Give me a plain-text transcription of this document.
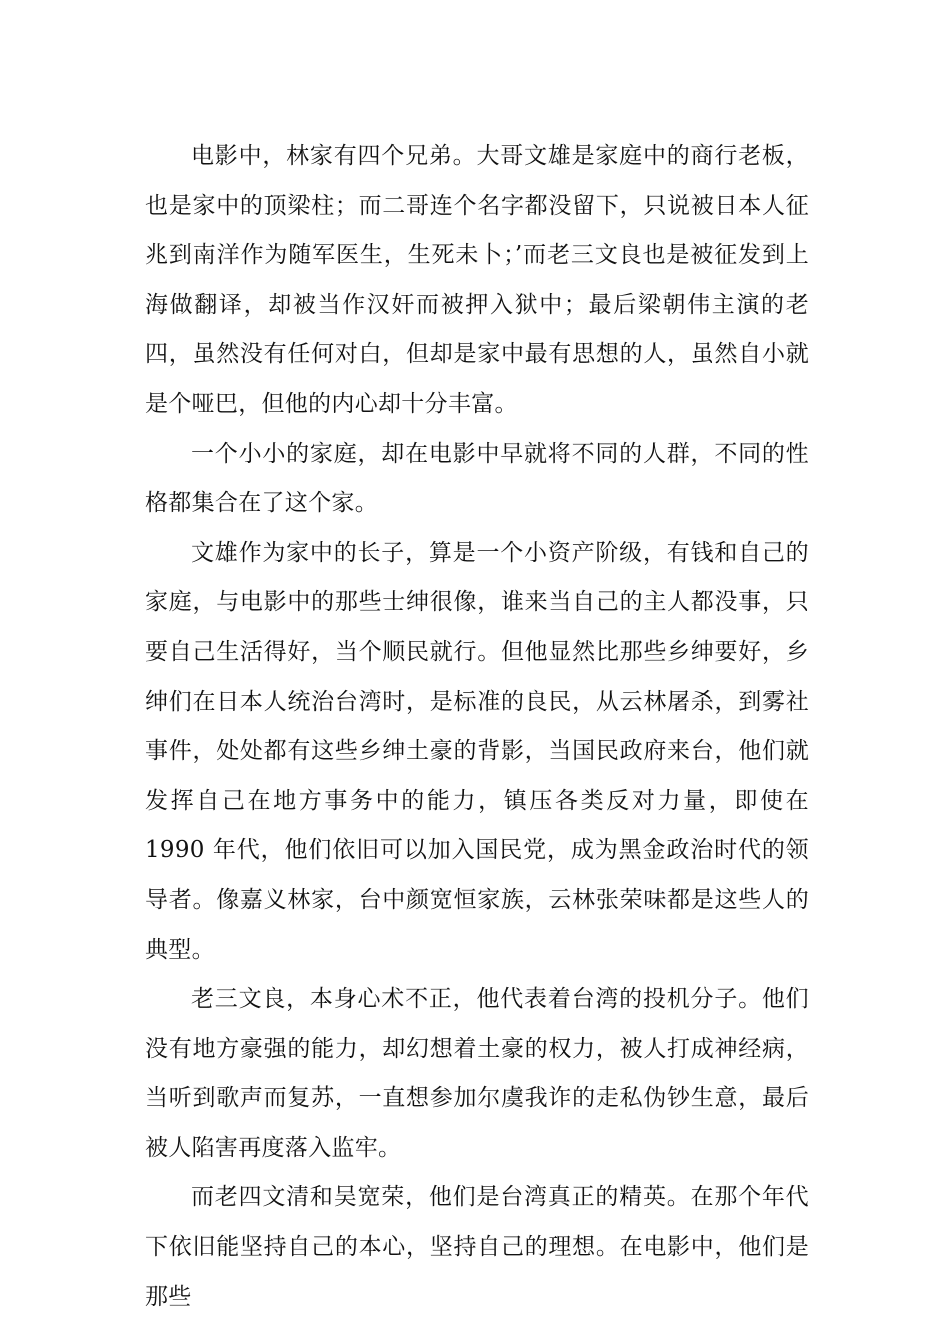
电影中，林家有四个兄弟。大哥文雄是家庭中的商行老板，也是家中的顶梁柱；而二哥连个名字都没留下，只说被日本人征兆到南洋作为随军医生，生死未卜；’而老三文良也是被征发到上海做翻译，却被当作汉奸而被押入狱中；最后梁朝伟主演的老四，虽然没有任何对白，但却是家中最有思想的人，虽然自小就是个哑巴，但他的内心却十分丰富。

一个小小的家庭，却在电影中早就将不同的人群，不同的性格都集合在了这个家。

文雄作为家中的长子，算是一个小资产阶级，有钱和自己的家庭，与电影中的那些士绅很像，谁来当自己的主人都没事，只要自己生活得好，当个顺民就行。但他显然比那些乡绅要好，乡绅们在日本人统治台湾时，是标准的良民，从云林屠杀，到雾社事件，处处都有这些乡绅土豪的背影，当国民政府来台，他们就发挥自己在地方事务中的能力，镇压各类反对力量，即使在 1990 年代，他们依旧可以加入国民党，成为黑金政治时代的领导者。像嘉义林家，台中颜宽恒家族，云林张荣味都是这些人的典型。

老三文良，本身心术不正，他代表着台湾的投机分子。他们没有地方豪强的能力，却幻想着土豪的权力，被人打成神经病，当听到歌声而复苏，一直想参加尔虞我诈的走私伪钞生意，最后被人陷害再度落入监牢。

而老四文清和吴宽荣，他们是台湾真正的精英。在那个年代下依旧能坚持自己的本心，坚持自己的理想。在电影中，他们是那些
